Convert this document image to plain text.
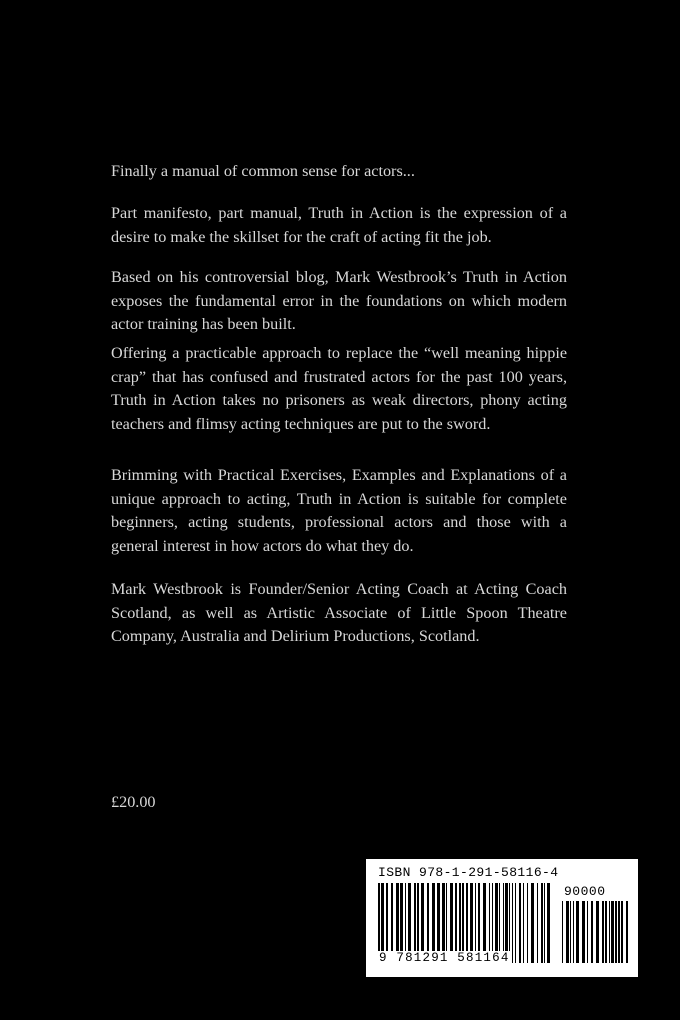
Finally a manual of common sense for actors...

Part manifesto, part manual, Truth in Action is the expression of a desire to make the skillset for the craft of acting fit the job.

Based on his controversial blog, Mark Westbrook’s Truth in Action exposes the fundamental error in the foundations on which modern actor training has been built.

Offering a practicable approach to replace the “well meaning hippie crap” that has confused and frustrated actors for the past 100 years, Truth in Action takes no prisoners as weak directors, phony acting teachers and flimsy acting techniques are put to the sword.

Brimming with Practical Exercises, Examples and Explanations of a unique approach to acting, Truth in Action is suitable for complete beginners, acting students, professional actors and those with a general interest in how actors do what they do.

Mark Westbrook is Founder/Senior Acting Coach at Acting Coach Scotland, as well as Artistic Associate of Little Spoon Theatre Company, Australia and Delirium Productions, Scotland.

£20.00
ISBN 978-1-291-58116-4
90000
9 781291 581164
